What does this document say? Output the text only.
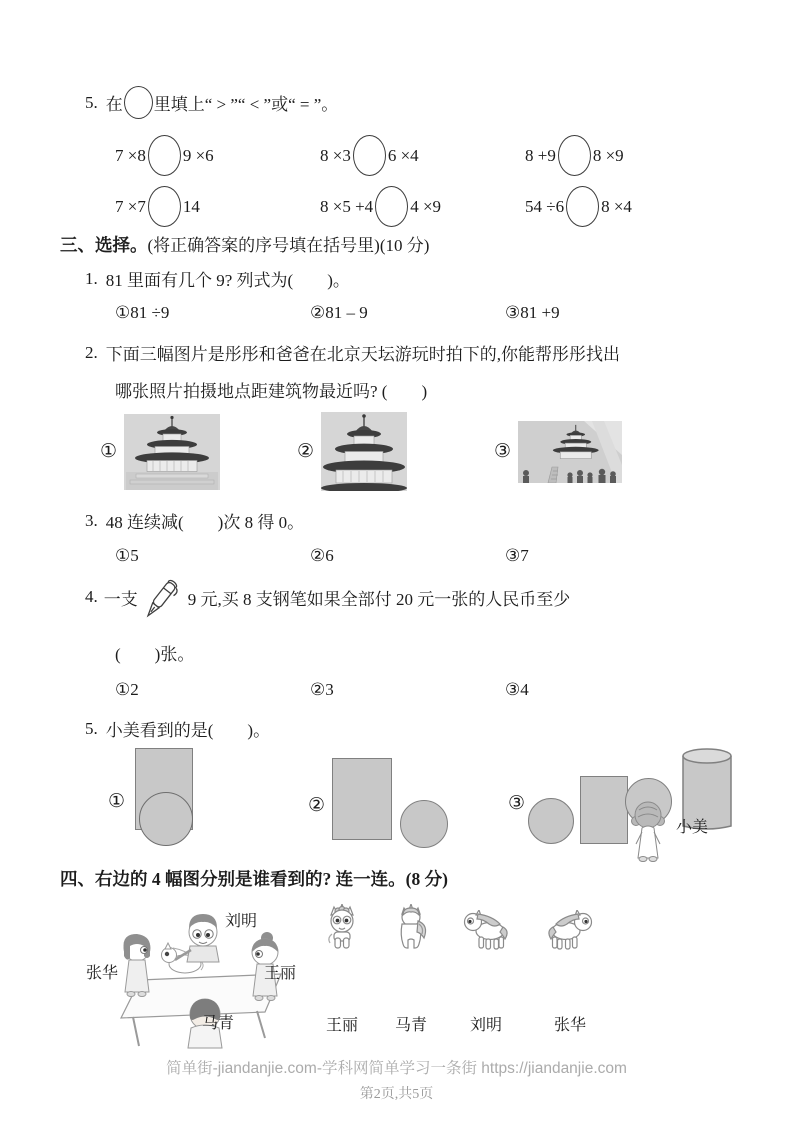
5. 在 里填上“ > ”“ < ”或“ = ”。
7 ×8 9 ×6	8 ×3 6 ×4	8 +9 8 ×9
7 ×7 14	8 ×5 +4 4 ×9	54 ÷6 8 ×4
三、选择。(将正确答案的序号填在括号里)(10 分)
1. 81 里面有几个 9? 列式为(　　)。
①81 ÷9	②81 – 9	③81 +9
2. 下面三幅图片是彤彤和爸爸在北京天坛游玩时拍下的,你能帮彤彤找出
哪张照片拍摄地点距建筑物最近吗? (　　)
①	②	③
3. 48 连续减(　　)次 8 得 0。
①5	②6	③7
4. 一支	9 元,买 8 支钢笔如果全部付 20 元一张的人民币至少
(　　)张。
①2	②3	③4
5. 小美看到的是(　　)。
①	②	③
小美
四、右边的 4 幅图分别是谁看到的? 连一连。(8 分)
刘明
张华	王丽
马青	王丽	马青	刘明	张华
简单街-jiandanjie.com-学科网简单学习一条街 https://jiandanjie.com
第2页,共5页
